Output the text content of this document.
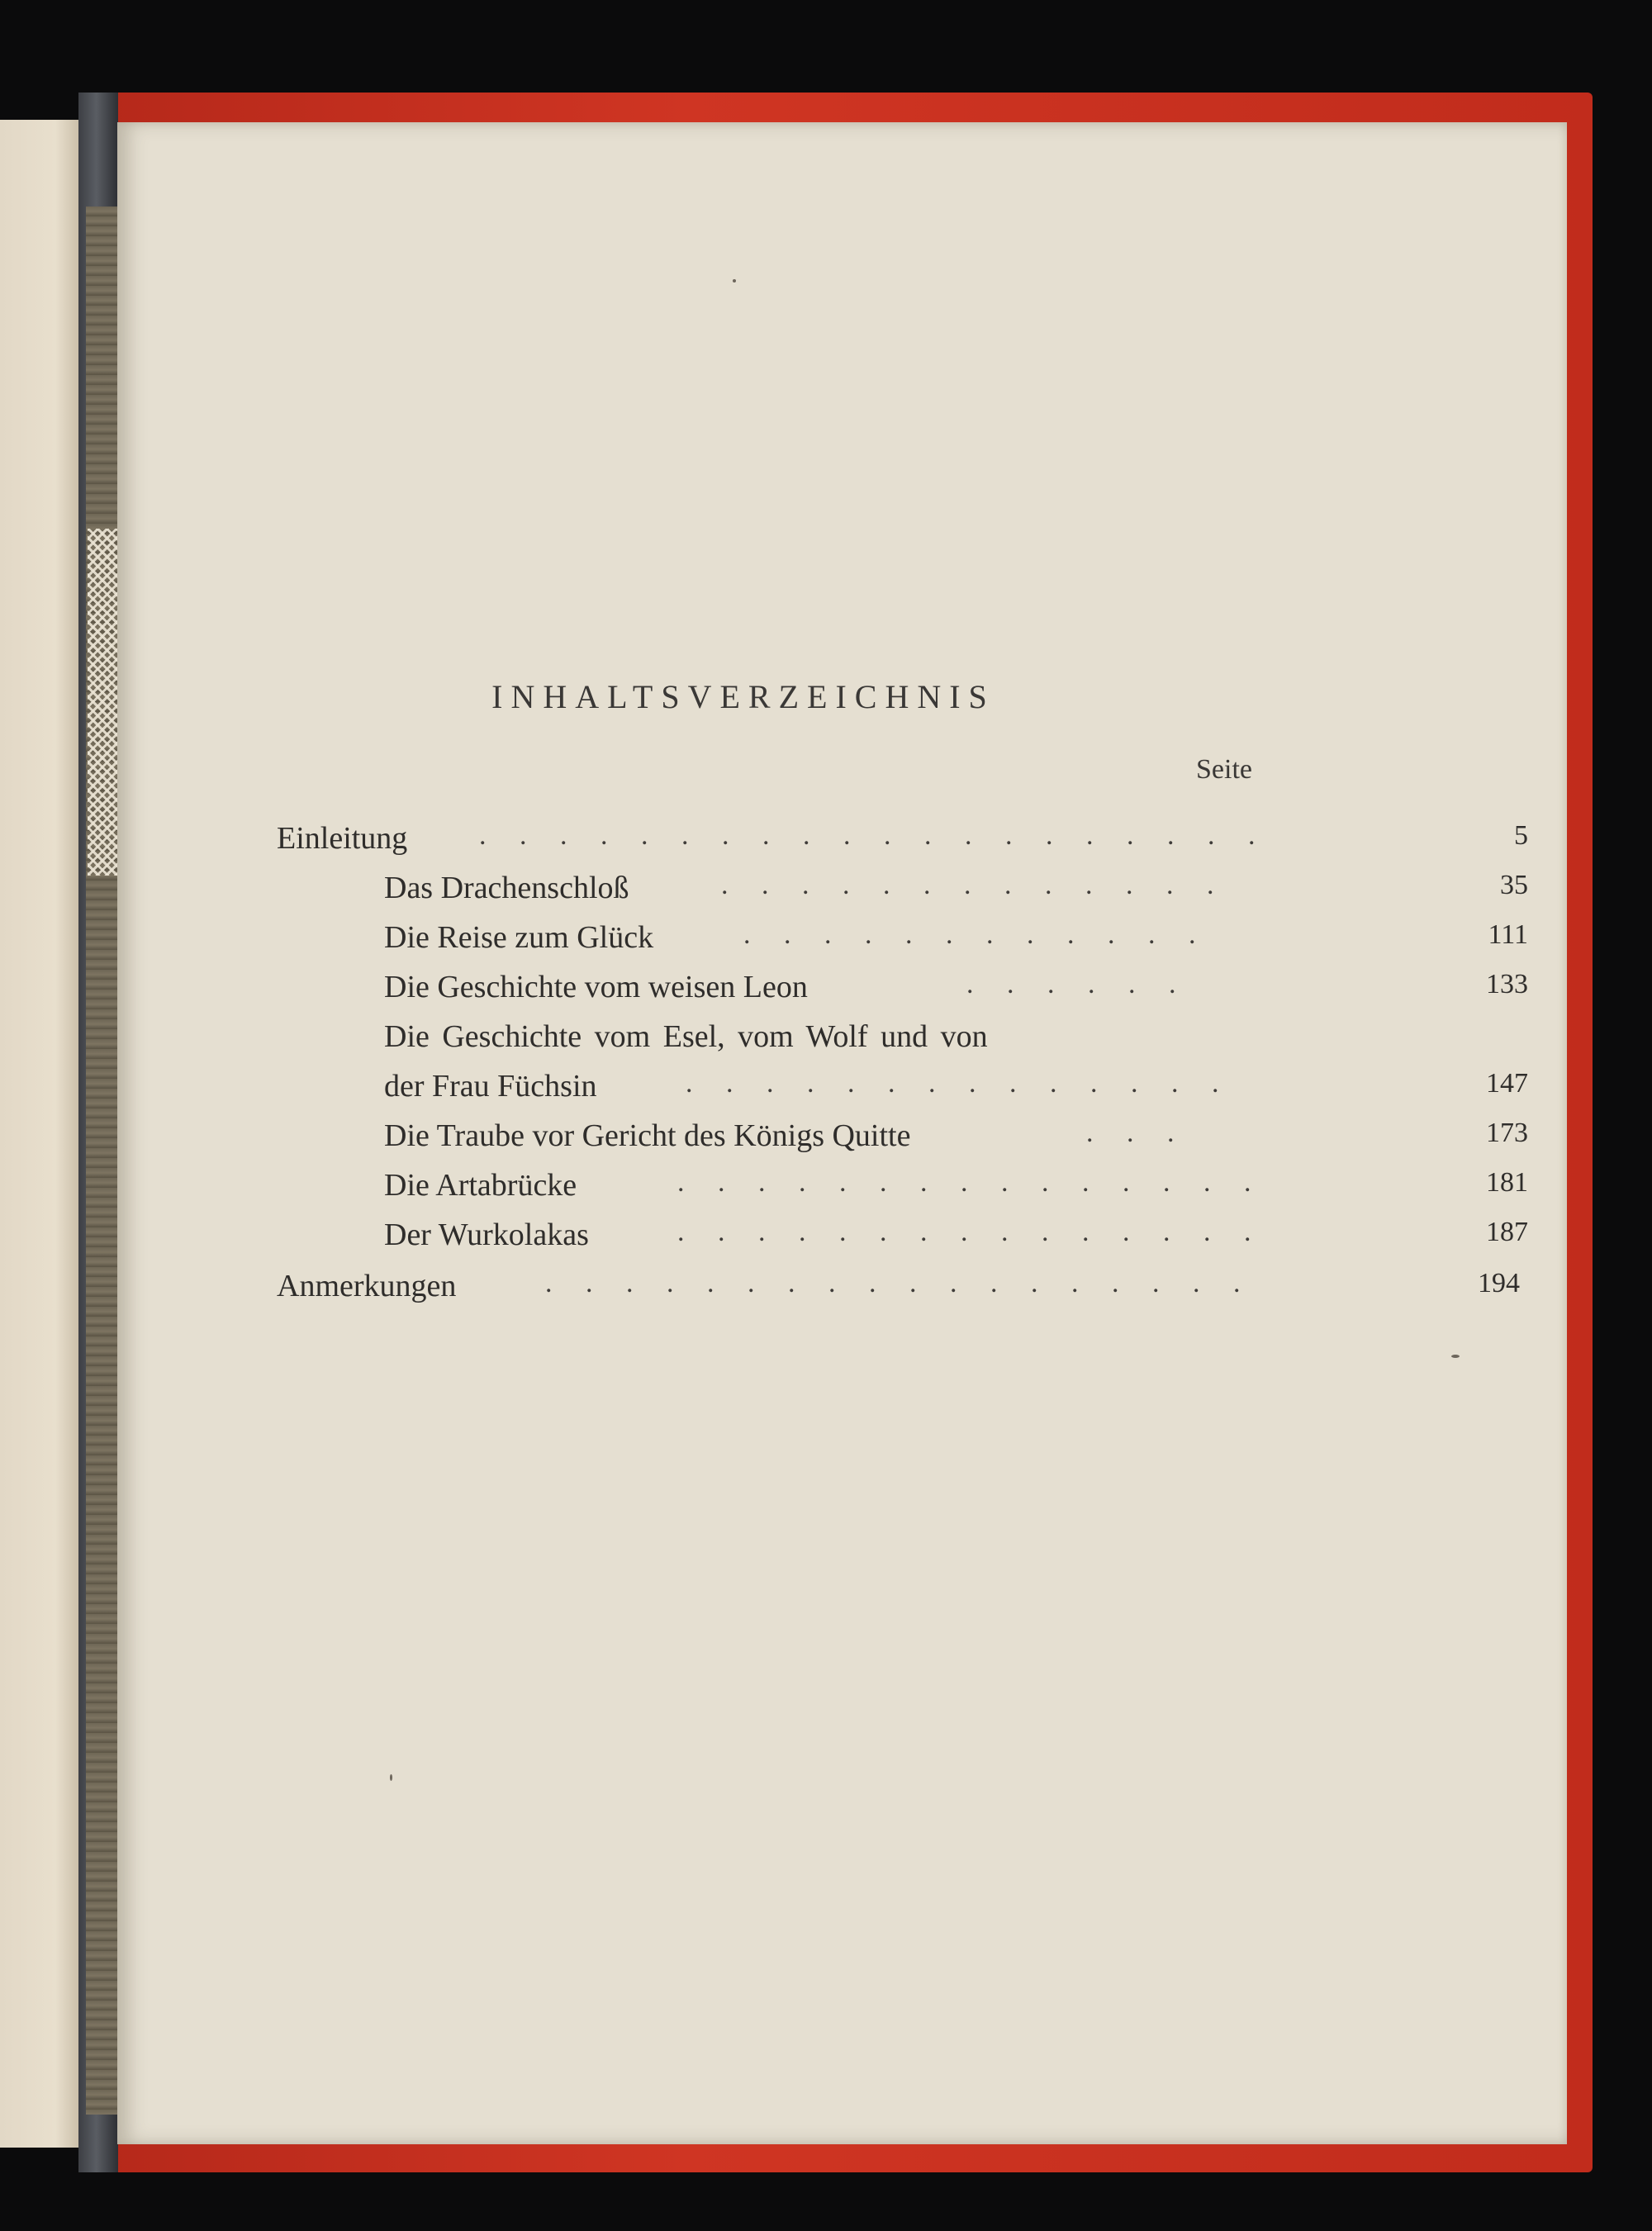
INHALTSVERZEICHNIS
Seite
Einleitung	. . . . . . . . . . . . . . . . . . . .	5
Das Drachenschloß	. . . . . . . . . . . . .	35
Die Reise zum Glück	. . . . . . . . . . . .	111
Die Geschichte vom weisen Leon	. . . . . .	133
Die Geschichte vom Esel, vom Wolf und von
der Frau Füchsin	. . . . . . . . . . . . . .	147
Die Traube vor Gericht des Königs Quitte	. . .	173
Die Artabrücke	. . . . . . . . . . . . . . .	181
Der Wurkolakas	. . . . . . . . . . . . . . .	187
Anmerkungen	. . . . . . . . . . . . . . . . . .	194
